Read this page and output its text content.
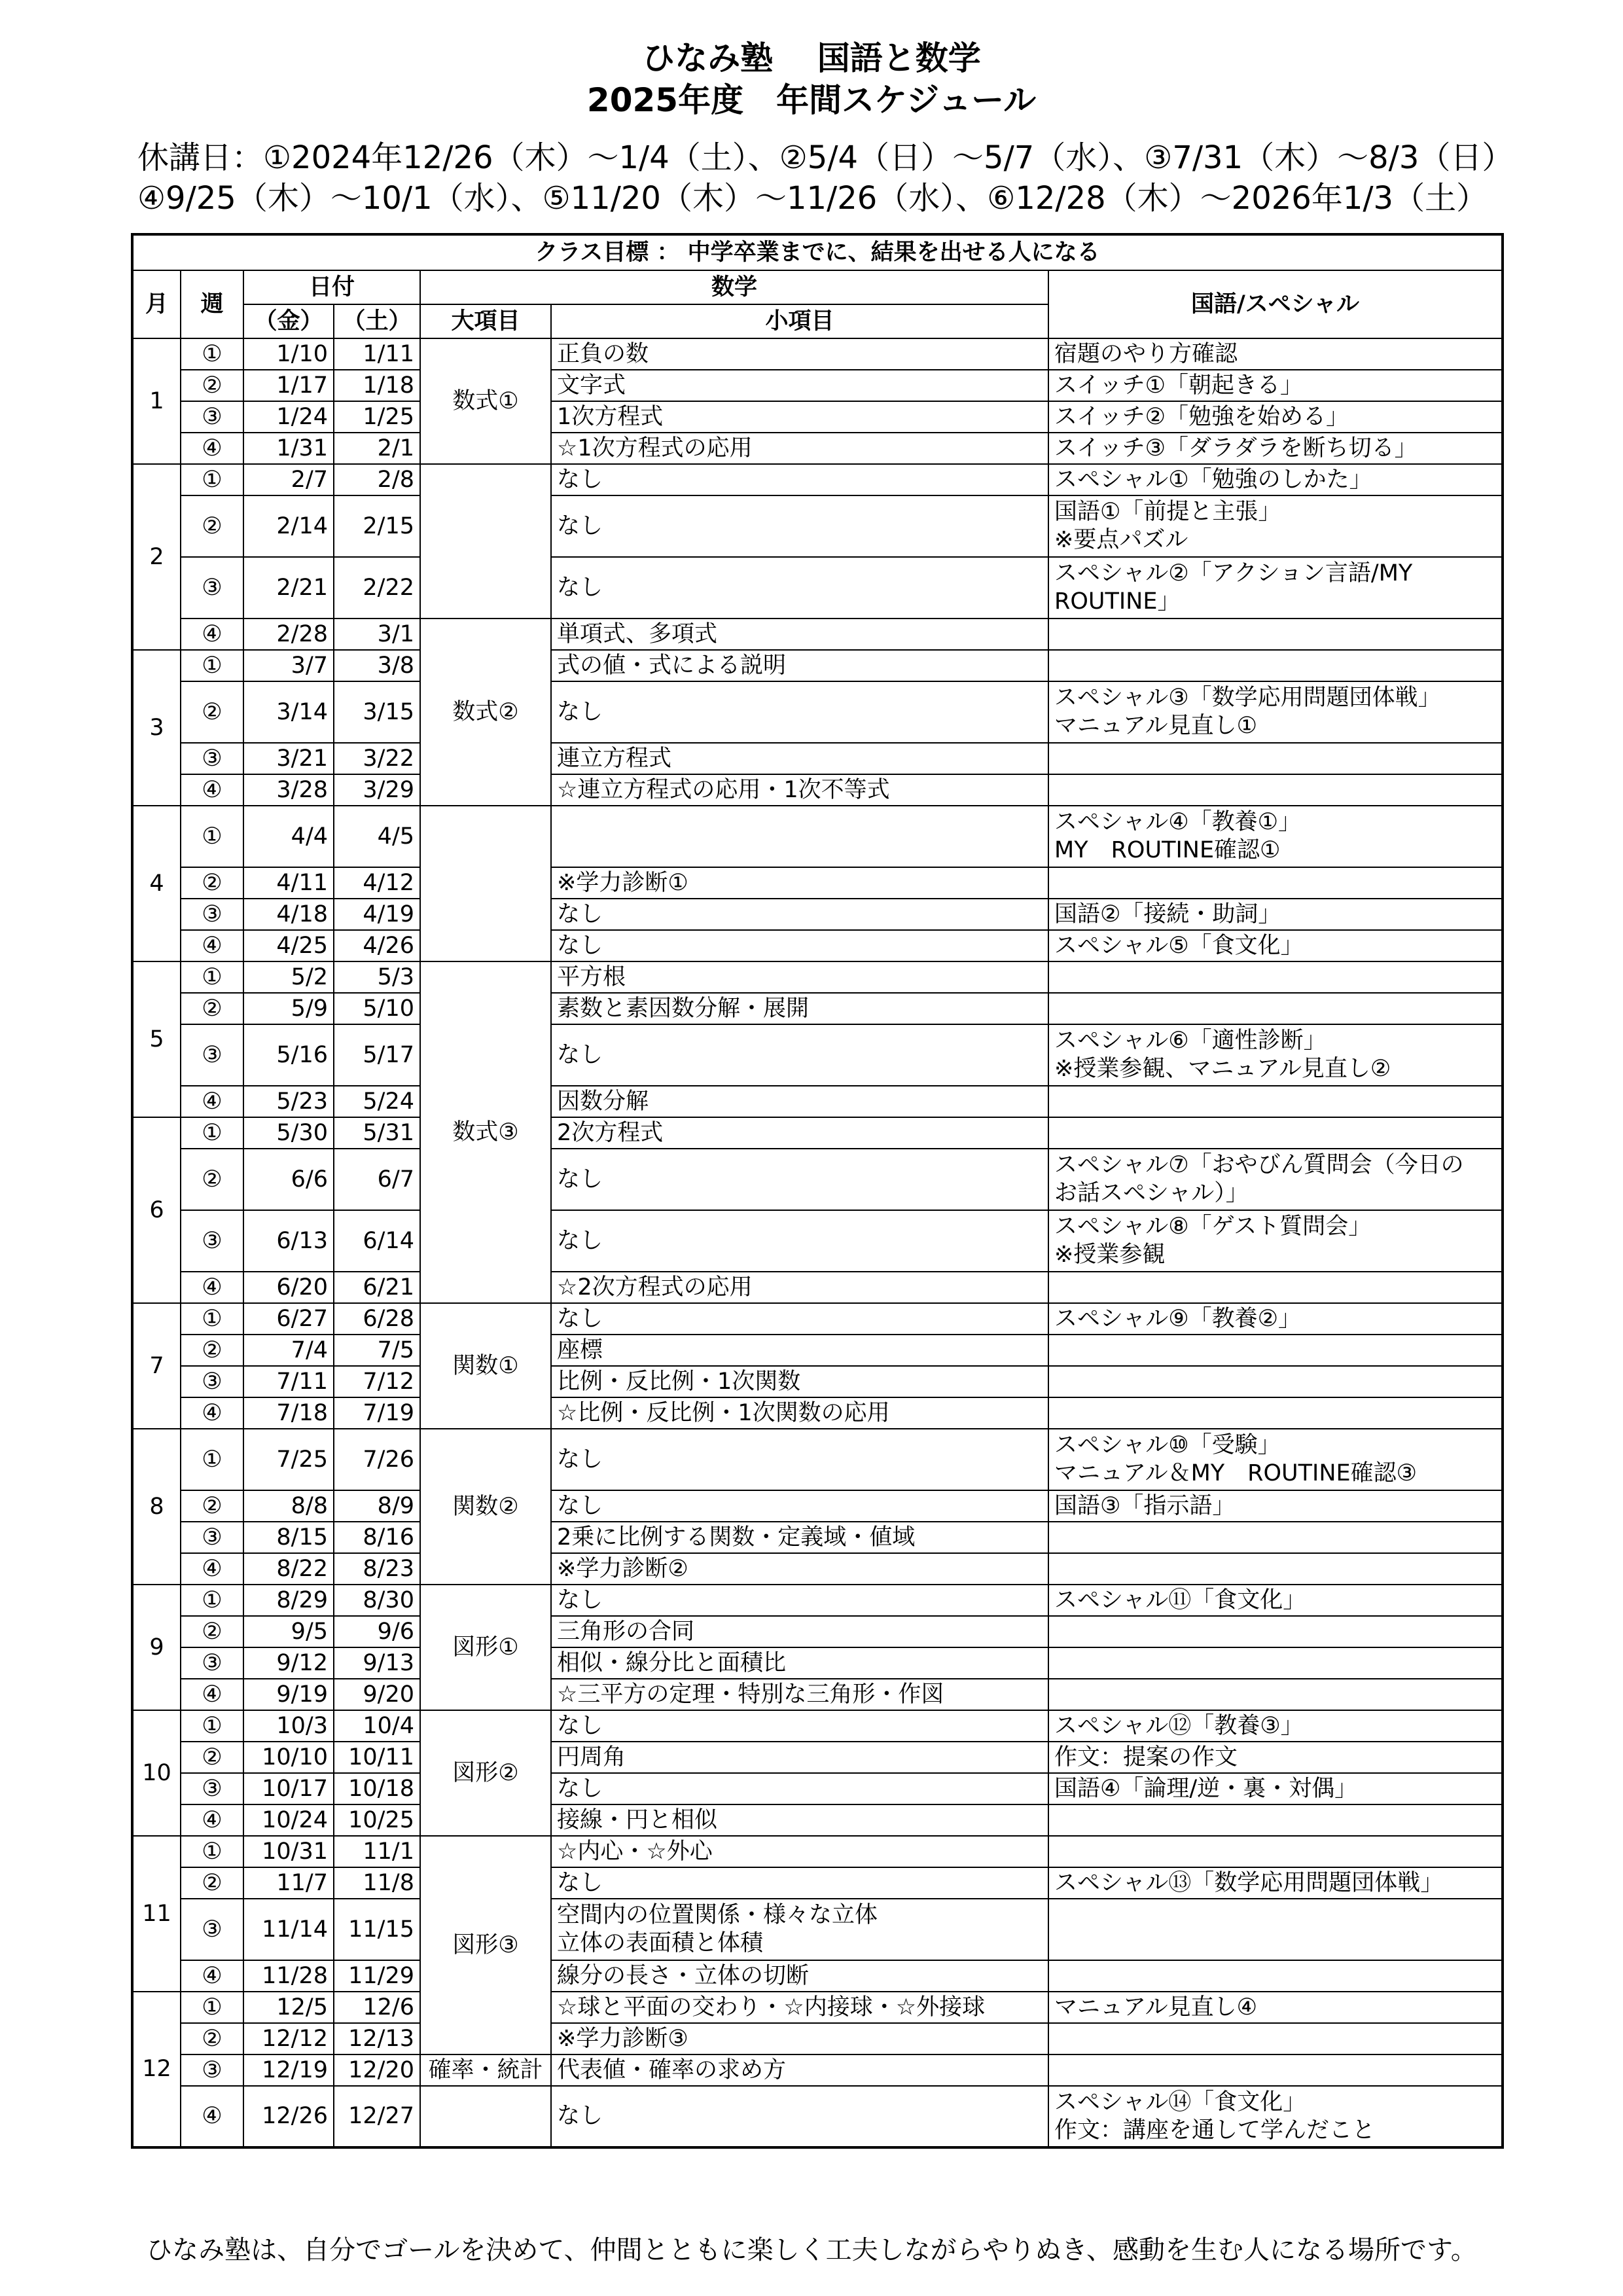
ひなみ塾　 国語と数学
2025年度　年間スケジュール
休講日：①2024年12/26（木）～1/4（土）、②5/4（日）～5/7（水）、③7/31（木）～8/3（日）
④9/25（木）～10/1（水）、⑤11/20（木）～11/26（水）、⑥12/28（木）～2026年1/3（土）
クラス目標 ： 中学卒業までに、結果を出せる人になる						
月	週	日付		数学		国語/スペシャル
				大項目	小項目	
		（金）	（土）			
1	①	1/10	1/11	数式①	正負の数	宿題のやり方確認
	②	1/17	1/18		文字式	スイッチ①「朝起きる」
	③	1/24	1/25		1次方程式	スイッチ②「勉強を始める」
	④	1/31	2/1		☆1次方程式の応用	スイッチ③「ダラダラを断ち切る」
2	①	2/7	2/8		なし	スペシャル①「勉強のしかた」
	②	2/14	2/15		なし	国語①「前提と主張」
※要点パズル
	③	2/21	2/22		なし	スペシャル②「アクション言語/MY
ROUTINE」
	④	2/28	3/1	数式②	単項式、多項式	
3	①	3/7	3/8		式の値・式による説明	
	②	3/14	3/15		なし	スペシャル③「数学応用問題団体戦」
マニュアル見直し①
	③	3/21	3/22		連立方程式	
	④	3/28	3/29		☆連立方程式の応用・1次不等式	
4	①	4/4	4/5			スペシャル④「教養①」
MY　ROUTINE確認①
	②	4/11	4/12		※学力診断①	
	③	4/18	4/19		なし	国語②「接続・助詞」
	④	4/25	4/26		なし	スペシャル⑤「食文化」
5	①	5/2	5/3	数式③	平方根	
	②	5/9	5/10		素数と素因数分解・展開	
	③	5/16	5/17		なし	スペシャル⑥「適性診断」
※授業参観、マニュアル見直し②
	④	5/23	5/24		因数分解	
6	①	5/30	5/31		2次方程式	
	②	6/6	6/7		なし	スペシャル⑦「おやびん質問会（今日の
お話スペシャル）」
	③	6/13	6/14		なし	スペシャル⑧「ゲスト質問会」
※授業参観
	④	6/20	6/21		☆2次方程式の応用	
7	①	6/27	6/28	関数①	なし	スペシャル⑨「教養②」
	②	7/4	7/5		座標	
	③	7/11	7/12		比例・反比例・1次関数	
	④	7/18	7/19		☆比例・反比例・1次関数の応用	
8	①	7/25	7/26	関数②	なし	スペシャル⑩「受験」
マニュアル＆MY　ROUTINE確認③
	②	8/8	8/9		なし	国語③「指示語」
	③	8/15	8/16		2乗に比例する関数・定義域・値域	
	④	8/22	8/23		※学力診断②	
9	①	8/29	8/30	図形①	なし	スペシャル⑪「食文化」
	②	9/5	9/6		三角形の合同	
	③	9/12	9/13		相似・線分比と面積比	
	④	9/19	9/20		☆三平方の定理・特別な三角形・作図	
10	①	10/3	10/4	図形②	なし	スペシャル⑫「教養③」
	②	10/10	10/11		円周角	作文：提案の作文
	③	10/17	10/18		なし	国語④「論理/逆・裏・対偶」
	④	10/24	10/25		接線・円と相似	
11	①	10/31	11/1	図形③	☆内心・☆外心	
	②	11/7	11/8		なし	スペシャル⑬「数学応用問題団体戦」
	③	11/14	11/15		空間内の位置関係・様々な立体
立体の表面積と体積	
	④	11/28	11/29		線分の長さ・立体の切断	
12	①	12/5	12/6		☆球と平面の交わり・☆内接球・☆外接球	マニュアル見直し④
	②	12/12	12/13		※学力診断③	
	③	12/19	12/20	確率・統計	代表値・確率の求め方	
	④	12/26	12/27		なし	スペシャル⑭「食文化」
作文：講座を通して学んだこと
ひなみ塾は、自分でゴールを決めて、仲間とともに楽しく工夫しながらやりぬき、感動を生む人になる場所です。
